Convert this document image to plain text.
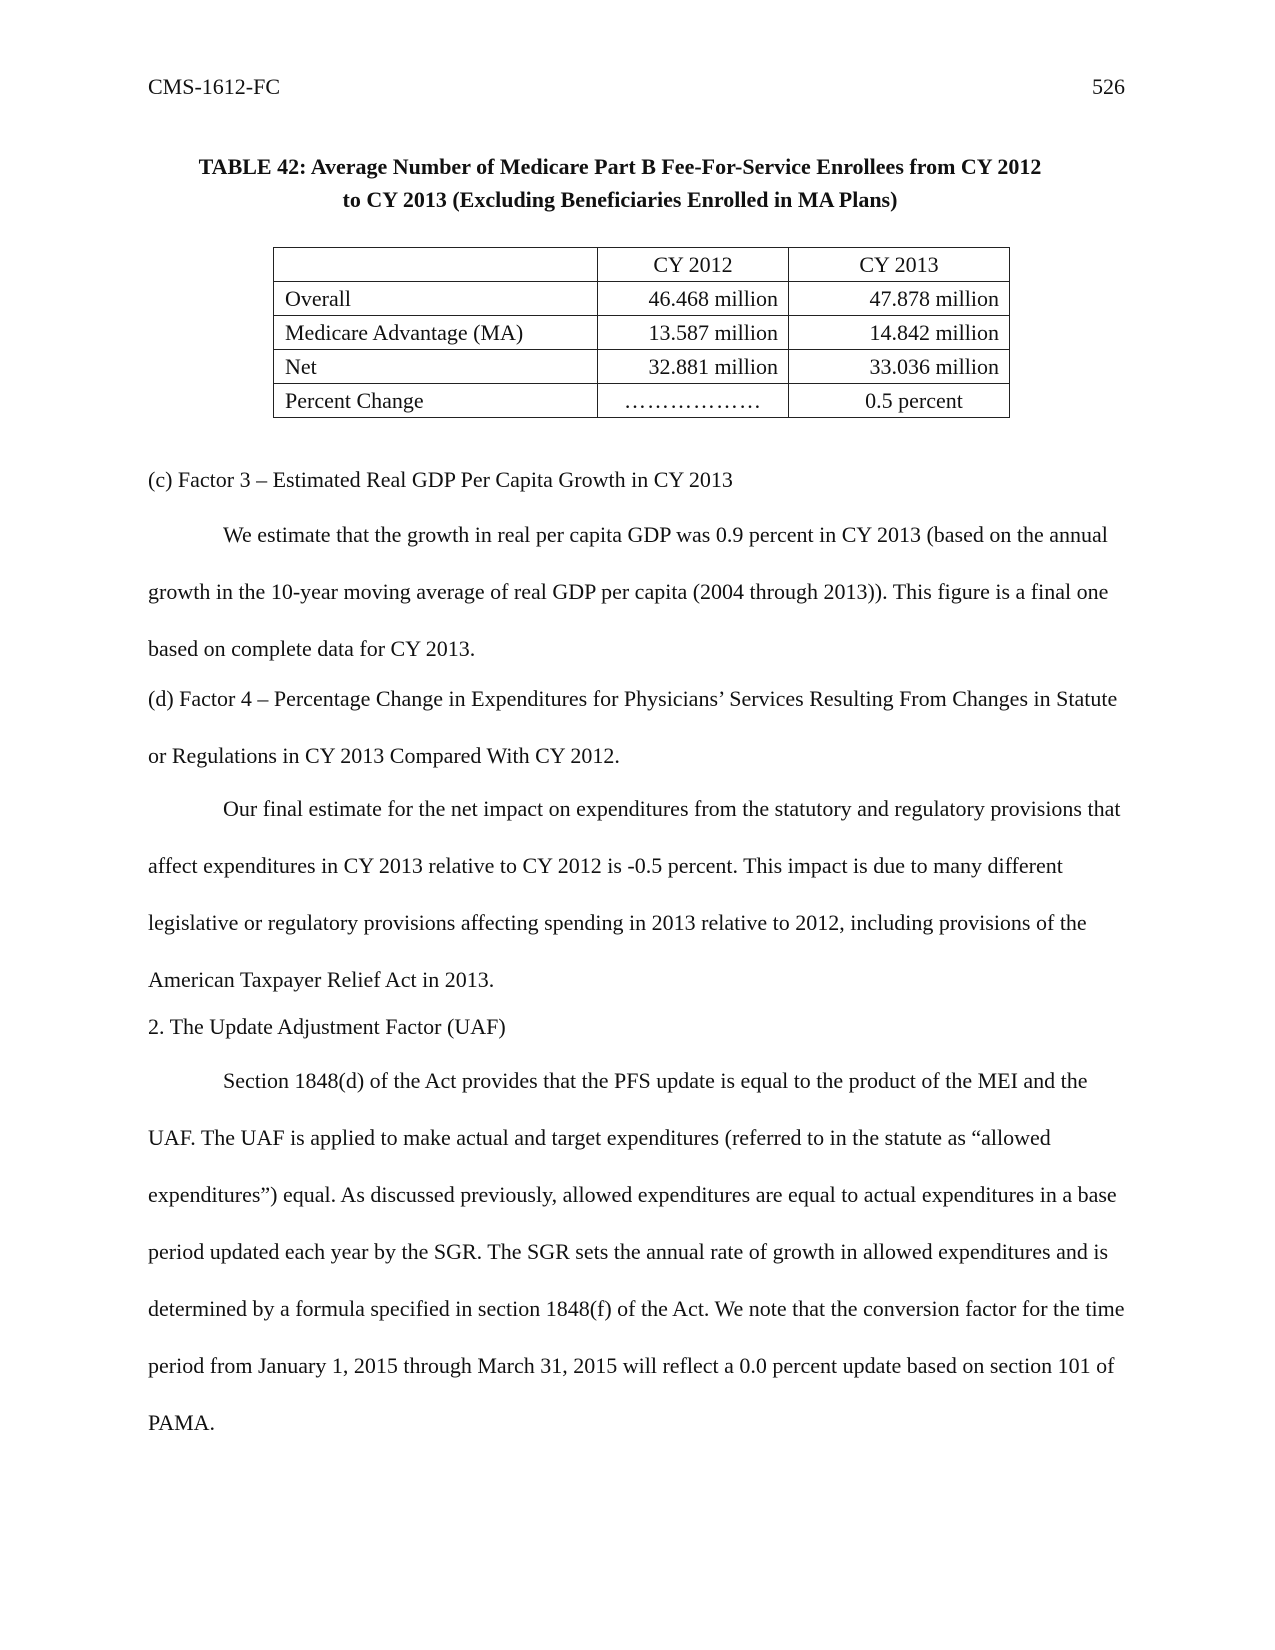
CMS-1612-FC	526
TABLE 42: Average Number of Medicare Part B Fee-For-Service Enrollees from CY 2012
to CY 2013 (Excluding Beneficiaries Enrolled in MA Plans)
	CY 2012	CY 2013
Overall	46.468 million	47.878 million
Medicare Advantage (MA)	13.587 million	14.842 million
Net	32.881 million	33.036 million
Percent Change	………………	0.5 percent
(c) Factor 3 – Estimated Real GDP Per Capita Growth in CY 2013
We estimate that the growth in real per capita GDP was 0.9 percent in CY 2013 (based on the annual growth in the 10-year moving average of real GDP per capita (2004 through 2013)). This figure is a final one based on complete data for CY 2013.
(d) Factor 4 – Percentage Change in Expenditures for Physicians’ Services Resulting From Changes in Statute or Regulations in CY 2013 Compared With CY 2012.
Our final estimate for the net impact on expenditures from the statutory and regulatory provisions that affect expenditures in CY 2013 relative to CY 2012 is -0.5 percent. This impact is due to many different legislative or regulatory provisions affecting spending in 2013 relative to 2012, including provisions of the American Taxpayer Relief Act in 2013.
2. The Update Adjustment Factor (UAF)
Section 1848(d) of the Act provides that the PFS update is equal to the product of the MEI and the UAF. The UAF is applied to make actual and target expenditures (referred to in the statute as “allowed expenditures”) equal. As discussed previously, allowed expenditures are equal to actual expenditures in a base period updated each year by the SGR. The SGR sets the annual rate of growth in allowed expenditures and is determined by a formula specified in section 1848(f) of the Act. We note that the conversion factor for the time period from January 1, 2015 through March 31, 2015 will reflect a 0.0 percent update based on section 101 of PAMA.
